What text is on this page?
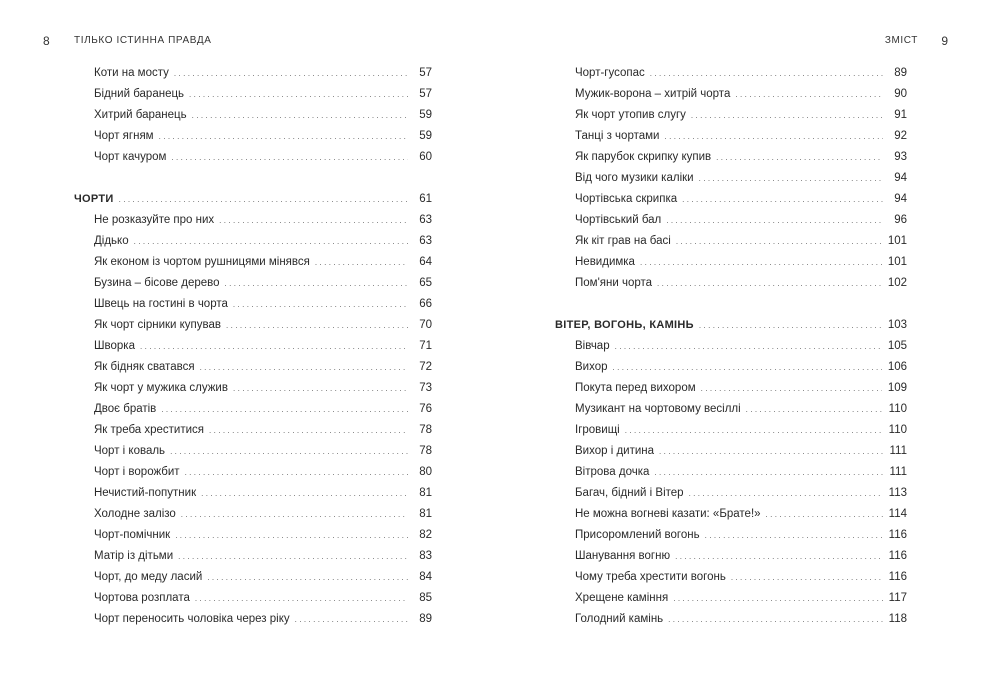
8 ТІЛЬКО ІСТИННА ПРАВДА
Коти на мосту .....	57
Бідний баранець .....	57
Хитрий баранець .....	59
Чорт ягням .....	59
Чорт качуром .....	60
ЧОРТИ .....	61
Не розказуйте про них .....	63
Дідько .....	63
Як економ із чортом рушницями мінявся .....	64
Бузина – бісове дерево .....	65
Швець на гостині в чорта .....	66
Як чорт сірники купував .....	70
Шворка .....	71
Як бідняк сватався .....	72
Як чорт у мужика служив .....	73
Двоє братів .....	76
Як треба хреститися .....	78
Чорт і коваль .....	78
Чорт і ворожбит .....	80
Нечистий-попутник .....	81
Холодне залізо .....	81
Чорт-помічник .....	82
Матір із дітьми .....	83
Чорт, до меду ласий .....	84
Чортова розплата .....	85
Чорт переносить чоловіка через ріку .....	89
ЗМІСТ 9
Чорт-гусопас .....	89
Мужик-ворона – хитрій чорта .....	90
Як чорт утопив слугу .....	91
Танці з чортами .....	92
Як парубок скрипку купив .....	93
Від чого музики каліки .....	94
Чортівська скрипка .....	94
Чортівський бал .....	96
Як кіт грав на басі .....	101
Невидимка .....	101
Пом'яни чорта .....	102
ВІТЕР, ВОГОНЬ, КАМІНЬ .....	103
Вівчар .....	105
Вихор .....	106
Покута перед вихором .....	109
Музикант на чортовому весіллі .....	110
Ігровищі .....	110
Вихор і дитина .....	111
Вітрова дочка .....	111
Багач, бідний і Вітер .....	113
Не можна вогневі казати: «Брате!» .....	114
Присоромлений вогонь .....	116
Шанування вогню .....	116
Чому треба хрестити вогонь .....	116
Хрещене каміння .....	117
Голодний камінь .....	118
